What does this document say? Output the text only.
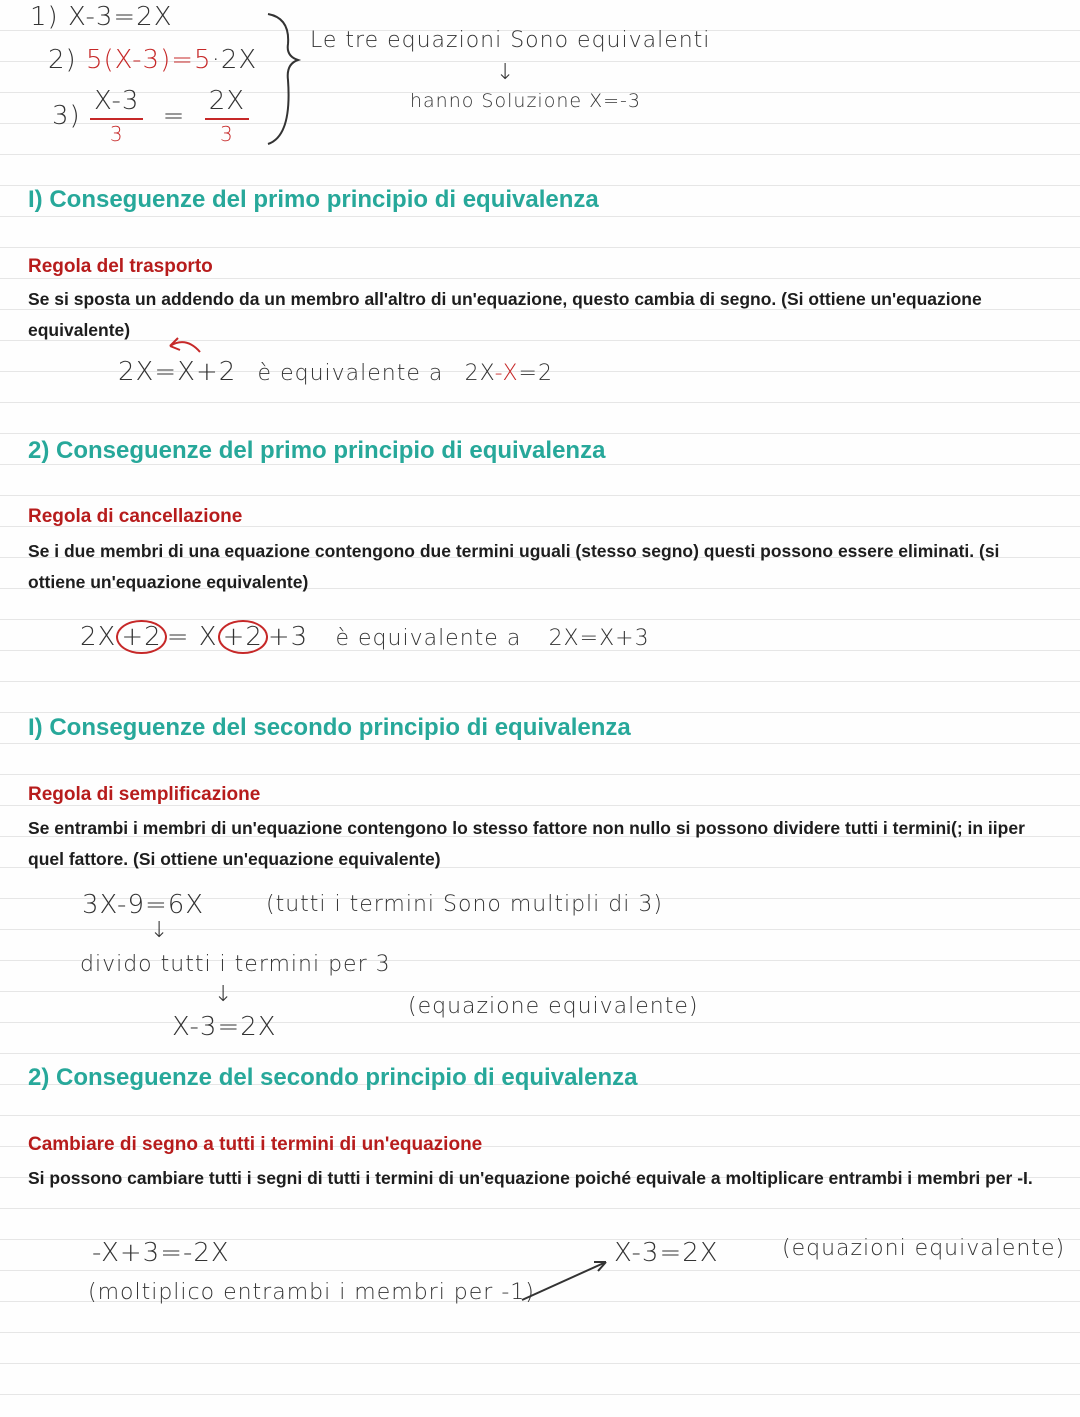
1) X-3=2X
2) 5(X-3)=5·2X
$3) \frac{X-3}{3} = \frac{2X}{3}$
Le tre equazioni Sono equivalenti
↓
hanno Soluzione X=-3
I) Conseguenze del primo principio di equivalenza
Regola del trasporto
Se si sposta un addendo da un membro all'altro di un'equazione, questo cambia di segno. (Si ottiene un'equazione equivalente)
2X=X+2 è equivalente a 2X-X=2
2) Conseguenze del primo principio di equivalenza
Regola di cancellazione
Se i due membri di una equazione contengono due termini uguali (stesso segno) questi possono essere eliminati. (si ottiene un'equazione equivalente)
2X +2 = X +2 +3 è equivalente a 2X=X+3
I) Conseguenze del secondo principio di equivalenza
Regola di semplificazione
Se entrambi i membri di un'equazione contengono lo stesso fattore non nullo si possono dividere tutti i termini(; in iiper quel fattore. (Si ottiene un'equazione equivalente)
3X-9=6X	(tutti i termini Sono multipli di 3)
↓
divido tutti i termini per 3
↓
X-3=2X
(equazione equivalente)
2) Conseguenze del secondo principio di equivalenza
Cambiare di segno a tutti i termini di un'equazione
Si possono cambiare tutti i segni di tutti i termini di un'equazione poiché equivale a moltiplicare entrambi i membri per -I.
-X+3=-2X
(moltiplico entrambi i membri per -1)
X-3=2X	(equazioni equivalente)
